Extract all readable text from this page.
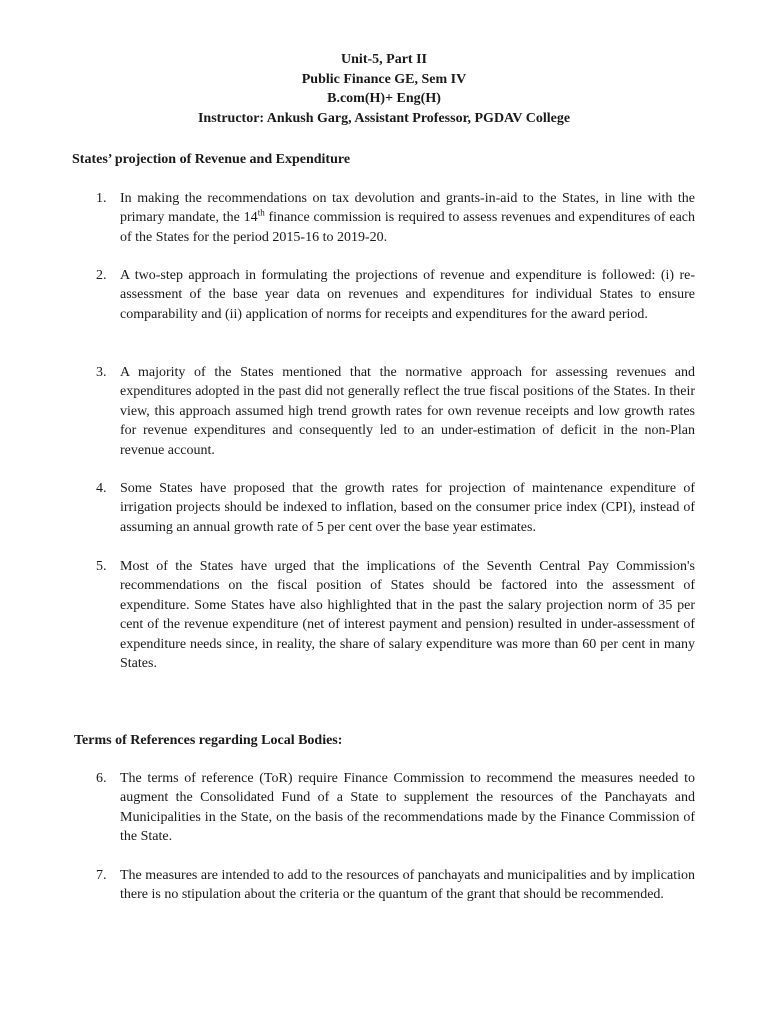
Unit-5, Part II
Public Finance GE, Sem IV
B.com(H)+ Eng(H)
Instructor: Ankush Garg, Assistant Professor, PGDAV College
States’ projection of Revenue and Expenditure
1. In making the recommendations on tax devolution and grants-in-aid to the States, in line with the primary mandate, the 14th finance commission is required to assess revenues and expenditures of each of the States for the period 2015-16 to 2019-20.
2. A two-step approach in formulating the projections of revenue and expenditure is followed: (i) re-assessment of the base year data on revenues and expenditures for individual States to ensure comparability and (ii) application of norms for receipts and expenditures for the award period.
3. A majority of the States mentioned that the normative approach for assessing revenues and expenditures adopted in the past did not generally reflect the true fiscal positions of the States. In their view, this approach assumed high trend growth rates for own revenue receipts and low growth rates for revenue expenditures and consequently led to an under-estimation of deficit in the non-Plan revenue account.
4. Some States have proposed that the growth rates for projection of maintenance expenditure of irrigation projects should be indexed to inflation, based on the consumer price index (CPI), instead of assuming an annual growth rate of 5 per cent over the base year estimates.
5. Most of the States have urged that the implications of the Seventh Central Pay Commission's recommendations on the fiscal position of States should be factored into the assessment of expenditure. Some States have also highlighted that in the past the salary projection norm of 35 per cent of the revenue expenditure (net of interest payment and pension) resulted in under-assessment of expenditure needs since, in reality, the share of salary expenditure was more than 60 per cent in many States.
Terms of References regarding Local Bodies:
6. The terms of reference (ToR) require Finance Commission to recommend the measures needed to augment the Consolidated Fund of a State to supplement the resources of the Panchayats and Municipalities in the State, on the basis of the recommendations made by the Finance Commission of the State.
7. The measures are intended to add to the resources of panchayats and municipalities and by implication there is no stipulation about the criteria or the quantum of the grant that should be recommended.
